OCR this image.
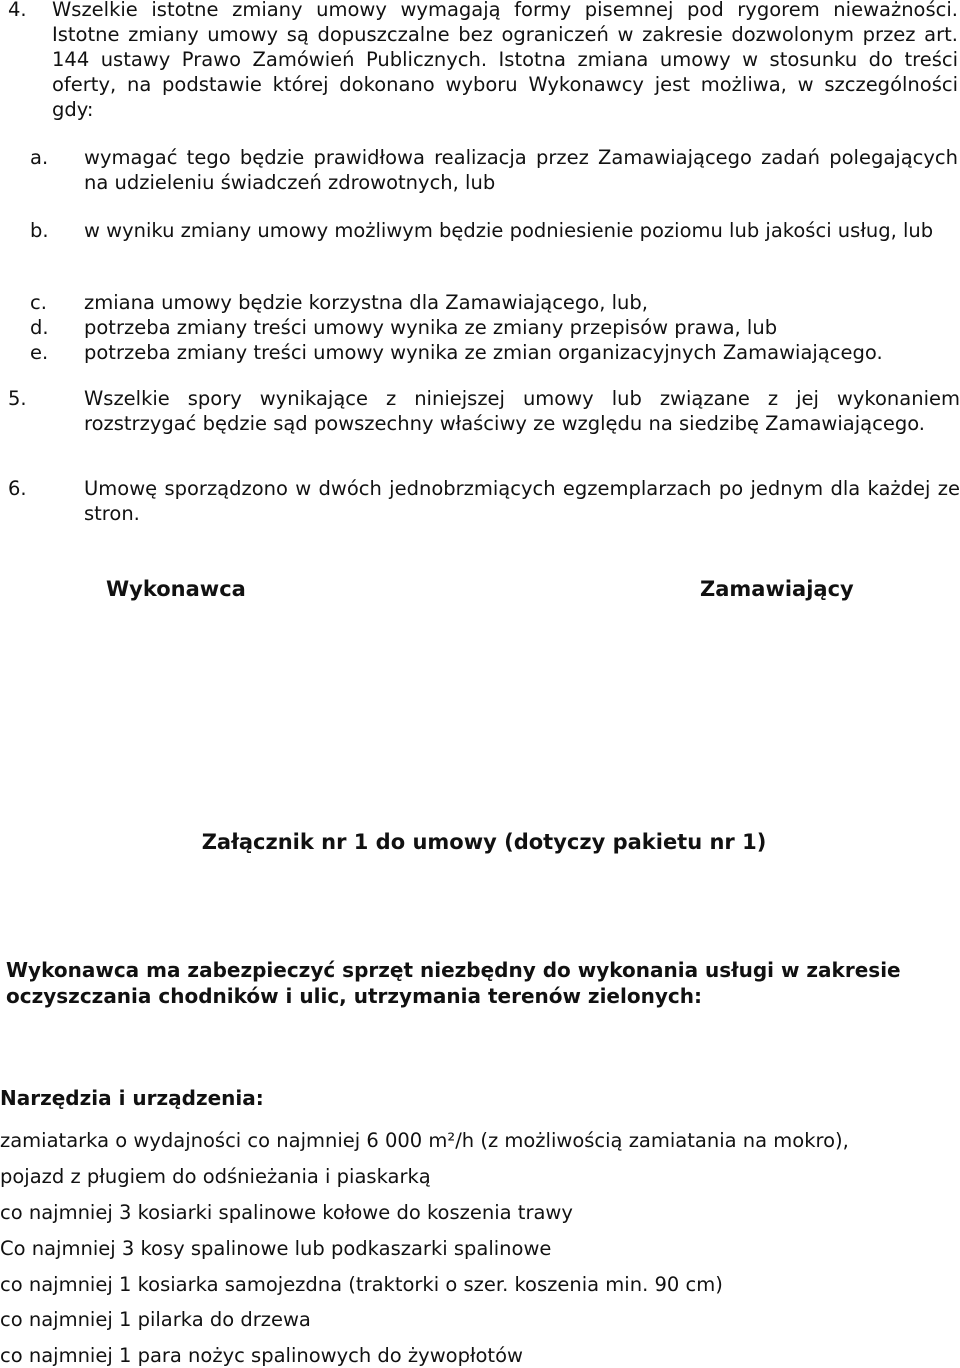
4. Wszelkie istotne zmiany umowy wymagają formy pisemnej pod rygorem nieważności. Istotne zmiany umowy są dopuszczalne bez ograniczeń w zakresie dozwolonym przez art. 144 ustawy Prawo Zamówień Publicznych. Istotna zmiana umowy w stosunku do treści oferty, na podstawie której dokonano wyboru Wykonawcy jest możliwa, w szczególności gdy:
a. wymagać tego będzie prawidłowa realizacja przez Zamawiającego zadań polegających na udzieleniu świadczeń zdrowotnych, lub
b. w wyniku zmiany umowy możliwym będzie podniesienie poziomu lub jakości usług, lub
c. zmiana umowy będzie korzystna dla Zamawiającego, lub,
d. potrzeba zmiany treści umowy wynika ze zmiany przepisów prawa, lub
e. potrzeba zmiany treści umowy wynika ze zmian organizacyjnych Zamawiającego.
5.	Wszelkie spory wynikające z niniejszej umowy lub związane z jej wykonaniem rozstrzygać będzie sąd powszechny właściwy ze względu na siedzibę Zamawiającego.
6.	Umowę sporządzono w dwóch jednobrzmiących egzemplarzach po jednym dla każdej ze stron.
Wykonawca	Zamawiający
Załącznik nr 1 do umowy (dotyczy pakietu nr 1)
Wykonawca ma zabezpieczyć sprzęt niezbędny do wykonania usługi w zakresie oczyszczania chodników i ulic, utrzymania terenów zielonych:
Narzędzia i urządzenia:
zamiatarka o wydajności co najmniej 6 000 m²/h (z możliwością zamiatania na mokro),
pojazd z pługiem do odśnieżania i piaskarką
co najmniej 3 kosiarki spalinowe kołowe do koszenia trawy
Co najmniej 3 kosy spalinowe lub podkaszarki spalinowe
co najmniej 1 kosiarka samojezdna (traktorki o szer. koszenia min. 90 cm)
co najmniej 1 pilarka do drzewa
co najmniej 1 para nożyc spalinowych do żywopłotów
